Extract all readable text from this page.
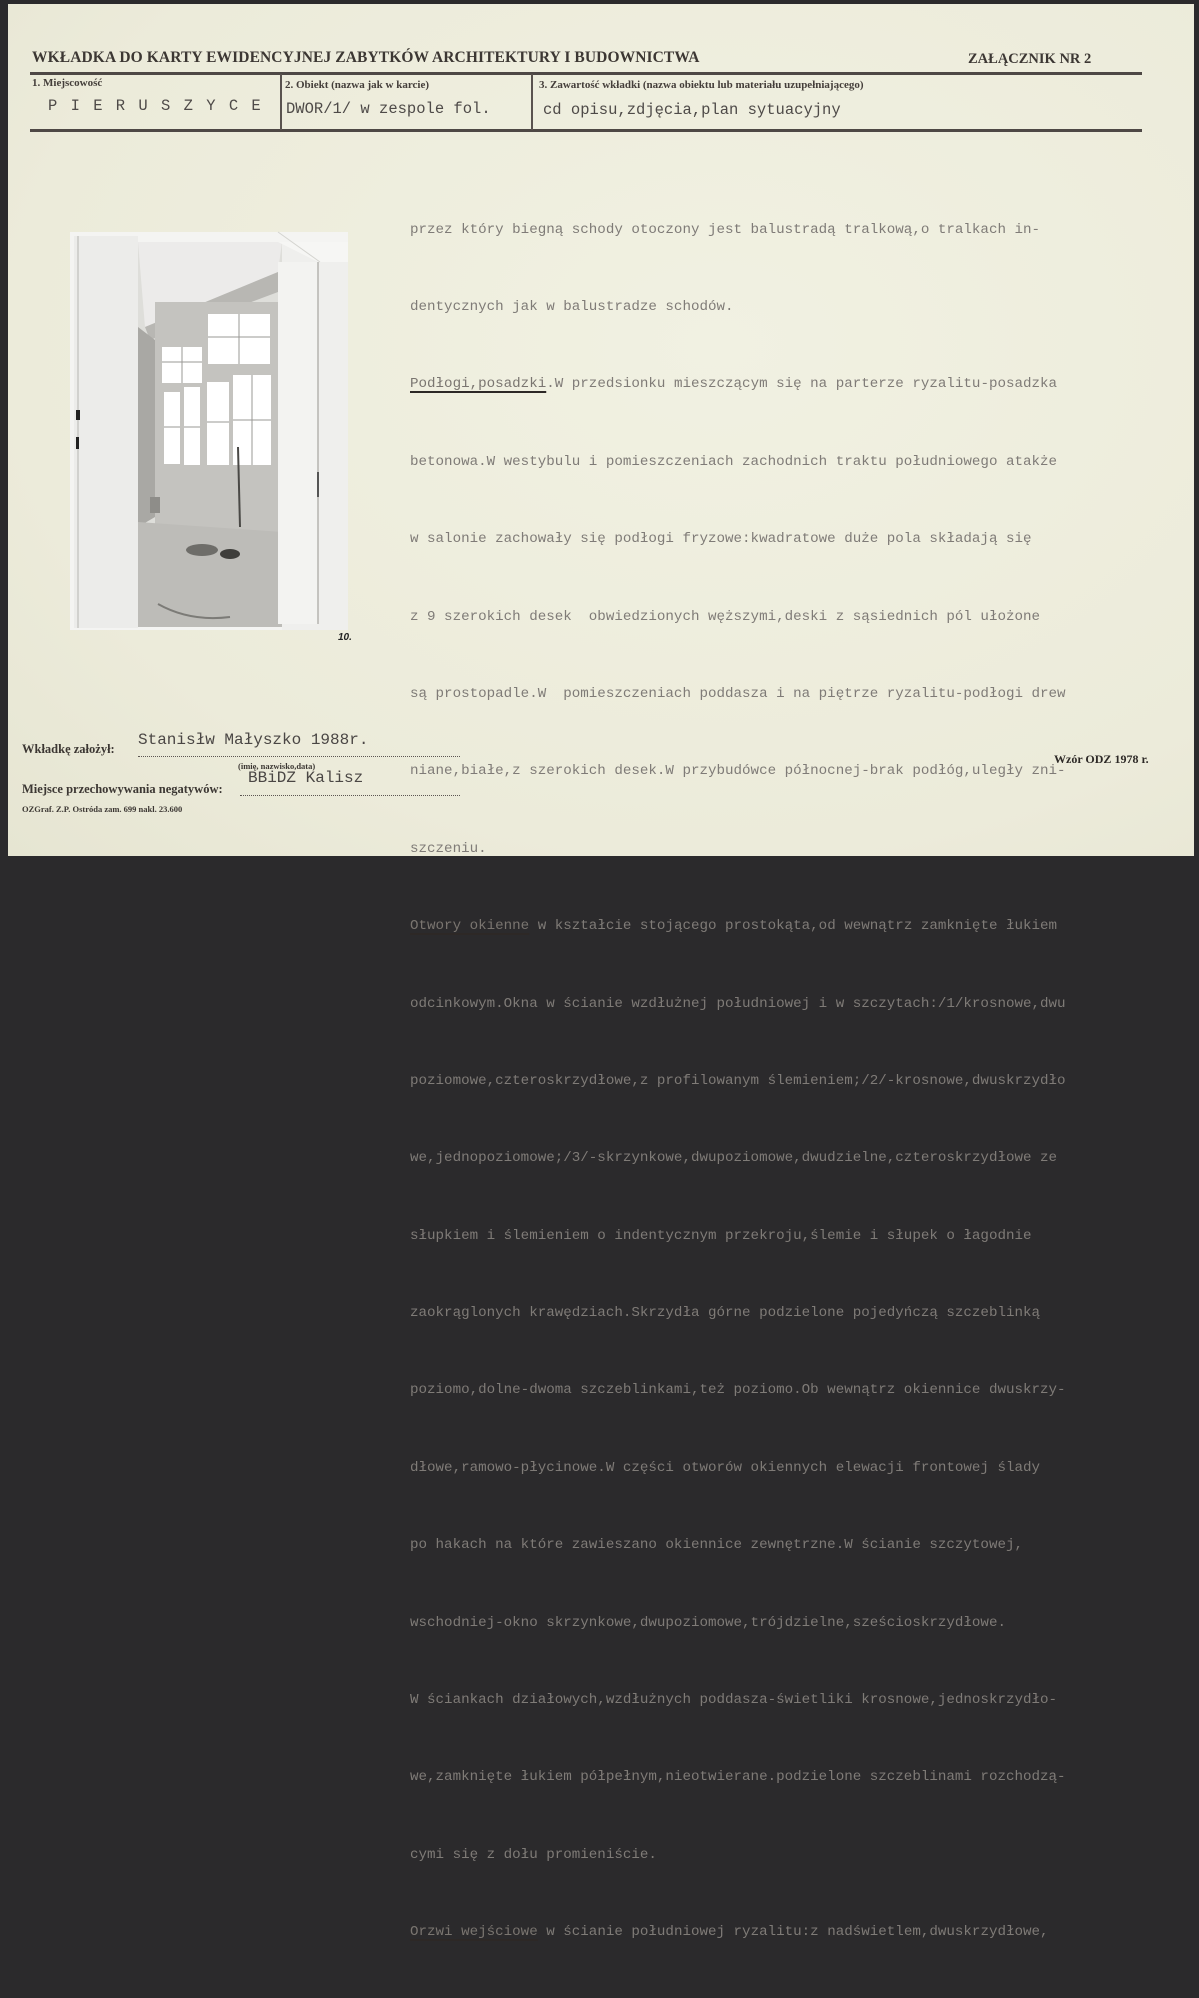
WKŁADKA DO KARTY EWIDENCYJNEJ ZABYTKÓW ARCHITEKTURY I BUDOWNICTWA	ZAŁĄCZNIK NR 2
1. Miejscowość
P I E R U S Z Y C E
2. Obiekt (nazwa jak w karcie)
DWOR/1/ w zespole fol.
3. Zawartość wkładki (nazwa obiektu lub materiału uzupełniającego)
cd opisu,zdjęcia,plan sytuacyjny
10.

przez który biegną schody otoczony jest balustradą tralkową,o tralkach in-

dentycznych jak w balustradze schodów.

Podłogi,posadzki.W przedsionku mieszczącym się na parterze ryzalitu-posadzka

betonowa.W westybulu i pomieszczeniach zachodnich traktu południowego atakże

w salonie zachowały się podłogi fryzowe:kwadratowe duże pola składają się

z 9 szerokich desek  obwiedzionych węższymi,deski z sąsiednich pól ułożone

są prostopadle.W  pomieszczeniach poddasza i na piętrze ryzalitu-podłogi drew

niane,białe,z szerokich desek.W przybudówce północnej-brak podłóg,uległy zni-

szczeniu.

Otwory okienne w kształcie stojącego prostokąta,od wewnątrz zamknięte łukiem

odcinkowym.Okna w ścianie wzdłużnej południowej i w szczytach:/1/krosnowe,dwu

poziomowe,czteroskrzydłowe,z profilowanym ślemieniem;/2/-krosnowe,dwuskrzydło

we,jednopoziomowe;/3/-skrzynkowe,dwupoziomowe,dwudzielne,czteroskrzydłowe ze

słupkiem i ślemieniem o indentycznym przekroju,ślemie i słupek o łagodnie

zaokrąglonych krawędziach.Skrzydła górne podzielone pojedyńczą szczeblinką

poziomo,dolne-dwoma szczeblinkami,też poziomo.Ob wewnątrz okiennice dwuskrzy-

dłowe,ramowo-płycinowe.W części otworów okiennych elewacji frontowej ślady

po hakach na które zawieszano okiennice zewnętrzne.W ścianie szczytowej,

wschodniej-okno skrzynkowe,dwupoziomowe,trójdzielne,sześcioskrzydłowe.

W ściankach działowych,wzdłużnych poddasza-świetliki krosnowe,jednoskrzydło-

we,zamknięte łukiem półpełnym,nieotwierane.podzielone szczeblinami rozchodzą-

cymi się z dołu promieniście.

Orzwi wejściowe w ścianie południowej ryzalitu:z nadświetlem,dwuskrzydłowe,

Wkładkę założył: Stanisłw Małyszko 1988r.
(imię, nazwisko,data)
Miejsce przechowywania negatywów:
BBiDZ Kalisz
OZGraf. Z.P. Ostróda zam. 699 nakl. 23.600
Wzór ODZ 1978 r.
